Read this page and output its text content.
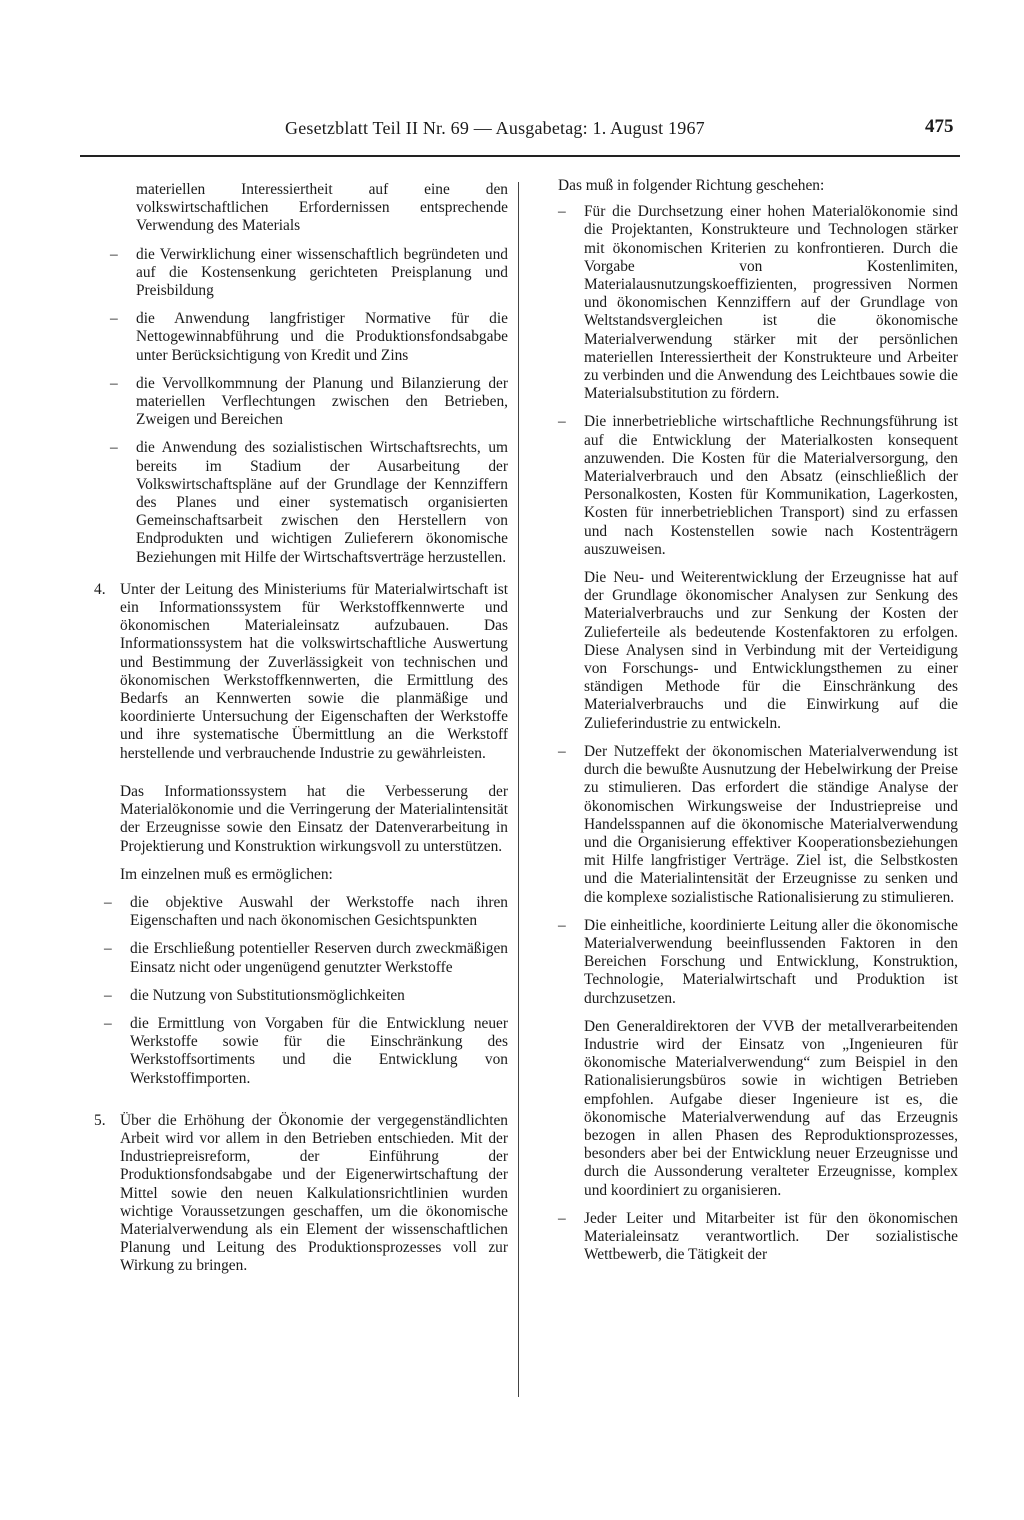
Gesetzblatt Teil II Nr. 69 — Ausgabetag: 1. August 1967	475

materiellen Interessiertheit auf eine den volkswirtschaftlichen Erfordernissen entsprechende Verwendung des Materials

–	die Verwirklichung einer wissenschaftlich begründeten und auf die Kostensenkung gerichteten Preisplanung und Preisbildung
–	die Anwendung langfristiger Normative für die Nettogewinnabführung und die Produktionsfondsabgabe unter Berücksichtigung von Kredit und Zins
–	die Vervollkommnung der Planung und Bilanzierung der materiellen Verflechtungen zwischen den Betrieben, Zweigen und Bereichen
–	die Anwendung des sozialistischen Wirtschaftsrechts, um bereits im Stadium der Ausarbeitung der Volkswirtschaftspläne auf der Grundlage der Kennziffern des Planes und einer systematisch organisierten Gemeinschaftsarbeit zwischen den Herstellern von Endprodukten und wichtigen Zulieferern ökonomische Beziehungen mit Hilfe der Wirtschaftsverträge herzustellen.
4. Unter der Leitung des Ministeriums für Materialwirtschaft ist ein Informationssystem für Werkstoffkennwerte und ökonomischen Materialeinsatz aufzubauen. Das Informationssystem hat die volkswirtschaftliche Auswertung und Bestimmung der Zuverlässigkeit von technischen und ökonomischen Werkstoffkennwerten, die Ermittlung des Bedarfs an Kennwerten sowie die planmäßige und koordinierte Untersuchung der Eigenschaften der Werkstoffe und ihre systematische Übermittlung an die Werkstoff herstellende und verbrauchende Industrie zu gewährleisten.

Das Informationssystem hat die Verbesserung der Materialökonomie und die Verringerung der Materialintensität der Erzeugnisse sowie den Einsatz der Datenverarbeitung in Projektierung und Konstruktion wirkungsvoll zu unterstützen.

Im einzelnen muß es ermöglichen:

–	die objektive Auswahl der Werkstoffe nach ihren Eigenschaften und nach ökonomischen Gesichtspunkten
–	die Erschließung potentieller Reserven durch zweckmäßigen Einsatz nicht oder ungenügend genutzter Werkstoffe
–	die Nutzung von Substitutionsmöglichkeiten
–	die Ermittlung von Vorgaben für die Entwicklung neuer Werkstoffe sowie für die Einschränkung des Werkstoffsortiments und die Entwicklung von Werkstoffimporten.
5. Über die Erhöhung der Ökonomie der vergegenständlichten Arbeit wird vor allem in den Betrieben entschieden. Mit der Industriepreisreform, der Einführung der Produktionsfondsabgabe und der Eigenerwirtschaftung der Mittel sowie den neuen Kalkulationsrichtlinien wurden wichtige Voraussetzungen geschaffen, um die ökonomische Materialverwendung als ein Element der wissenschaftlichen Planung und Leitung des Produktionsprozesses voll zur Wirkung zu bringen.

Das muß in folgender Richtung geschehen:

–	Für die Durchsetzung einer hohen Materialökonomie sind die Projektanten, Konstrukteure und Technologen stärker mit ökonomischen Kriterien zu konfrontieren. Durch die Vorgabe von Kostenlimiten, Materialausnutzungskoeffizienten, progressiven Normen und ökonomischen Kennziffern auf der Grundlage von Weltstandsvergleichen ist die ökonomische Materialverwendung stärker mit der persönlichen materiellen Interessiertheit der Konstrukteure und Arbeiter zu verbinden und die Anwendung des Leichtbaues sowie die Materialsubstitution zu fördern.
–	Die innerbetriebliche wirtschaftliche Rechnungsführung ist auf die Entwicklung der Materialkosten konsequent anzuwenden. Die Kosten für die Materialversorgung, den Materialverbrauch und den Absatz (einschließlich der Personalkosten, Kosten für Kommunikation, Lagerkosten, Kosten für innerbetrieblichen Transport) sind zu erfassen und nach Kostenstellen sowie nach Kostenträgern auszuweisen.

Die Neu- und Weiterentwicklung der Erzeugnisse hat auf der Grundlage ökonomischer Analysen zur Senkung des Materialverbrauchs und zur Senkung der Kosten der Zulieferteile als bedeutende Kostenfaktoren zu erfolgen. Diese Analysen sind in Verbindung mit der Verteidigung von Forschungs- und Entwicklungsthemen zu einer ständigen Methode für die Einschränkung des Materialverbrauchs und die Einwirkung auf die Zulieferindustrie zu entwickeln.

–	Der Nutzeffekt der ökonomischen Materialverwendung ist durch die bewußte Ausnutzung der Hebelwirkung der Preise zu stimulieren. Das erfordert die ständige Analyse der ökonomischen Wirkungsweise der Industriepreise und Handelsspannen auf die ökonomische Materialverwendung und die Organisierung effektiver Kooperationsbeziehungen mit Hilfe langfristiger Verträge. Ziel ist, die Selbstkosten und die Materialintensität der Erzeugnisse zu senken und die komplexe sozialistische Rationalisierung zu stimulieren.
–	Die einheitliche, koordinierte Leitung aller die ökonomische Materialverwendung beeinflussenden Faktoren in den Bereichen Forschung und Entwicklung, Konstruktion, Technologie, Materialwirtschaft und Produktion ist durchzusetzen.

Den Generaldirektoren der VVB der metallverarbeitenden Industrie wird der Einsatz von „Ingenieuren für ökonomische Materialverwendung“ zum Beispiel in den Rationalisierungsbüros sowie in wichtigen Betrieben empfohlen. Aufgabe dieser Ingenieure ist es, die ökonomische Materialverwendung auf das Erzeugnis bezogen in allen Phasen des Reproduktionsprozesses, besonders aber bei der Entwicklung neuer Erzeugnisse und durch die Aussonderung veralteter Erzeugnisse, komplex und koordiniert zu organisieren.

–	Jeder Leiter und Mitarbeiter ist für den ökonomischen Materialeinsatz verantwortlich. Der sozialistische Wettbewerb, die Tätigkeit der
